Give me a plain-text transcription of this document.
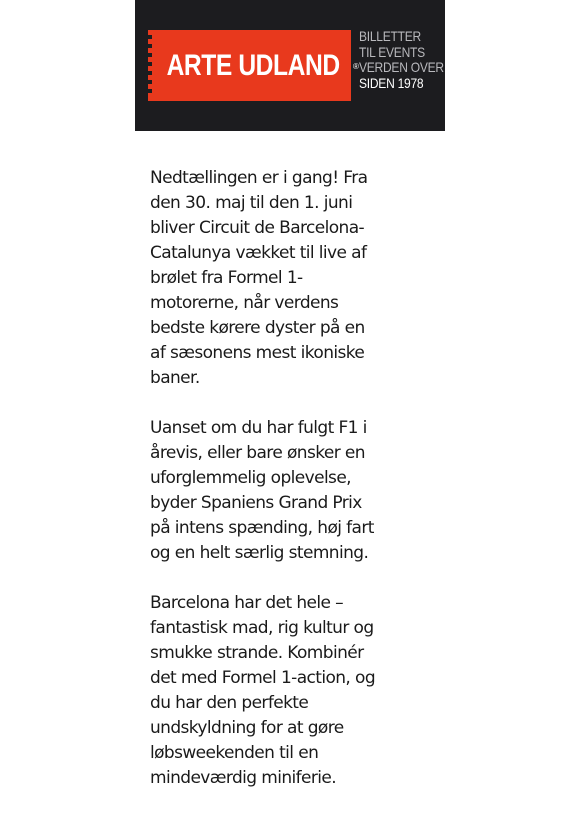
ARTE UDLAND ®
BILLETTER
TIL EVENTS
VERDEN OVER
SIDEN 1978

Nedtællingen er i gang! Fra
den 30. maj til den 1. juni
bliver Circuit de Barcelona-
Catalunya vækket til live af
brølet fra Formel 1-
motorerne, når verdens
bedste kørere dyster på en
af sæsonens mest ikoniske
baner.

Uanset om du har fulgt F1 i
årevis, eller bare ønsker en
uforglemmelig oplevelse,
byder Spaniens Grand Prix
på intens spænding, høj fart
og en helt særlig stemning.

Barcelona har det hele –
fantastisk mad, rig kultur og
smukke strande. Kombinér
det med Formel 1-action, og
du har den perfekte
undskyldning for at gøre
løbsweekenden til en
mindeværdig miniferie.
